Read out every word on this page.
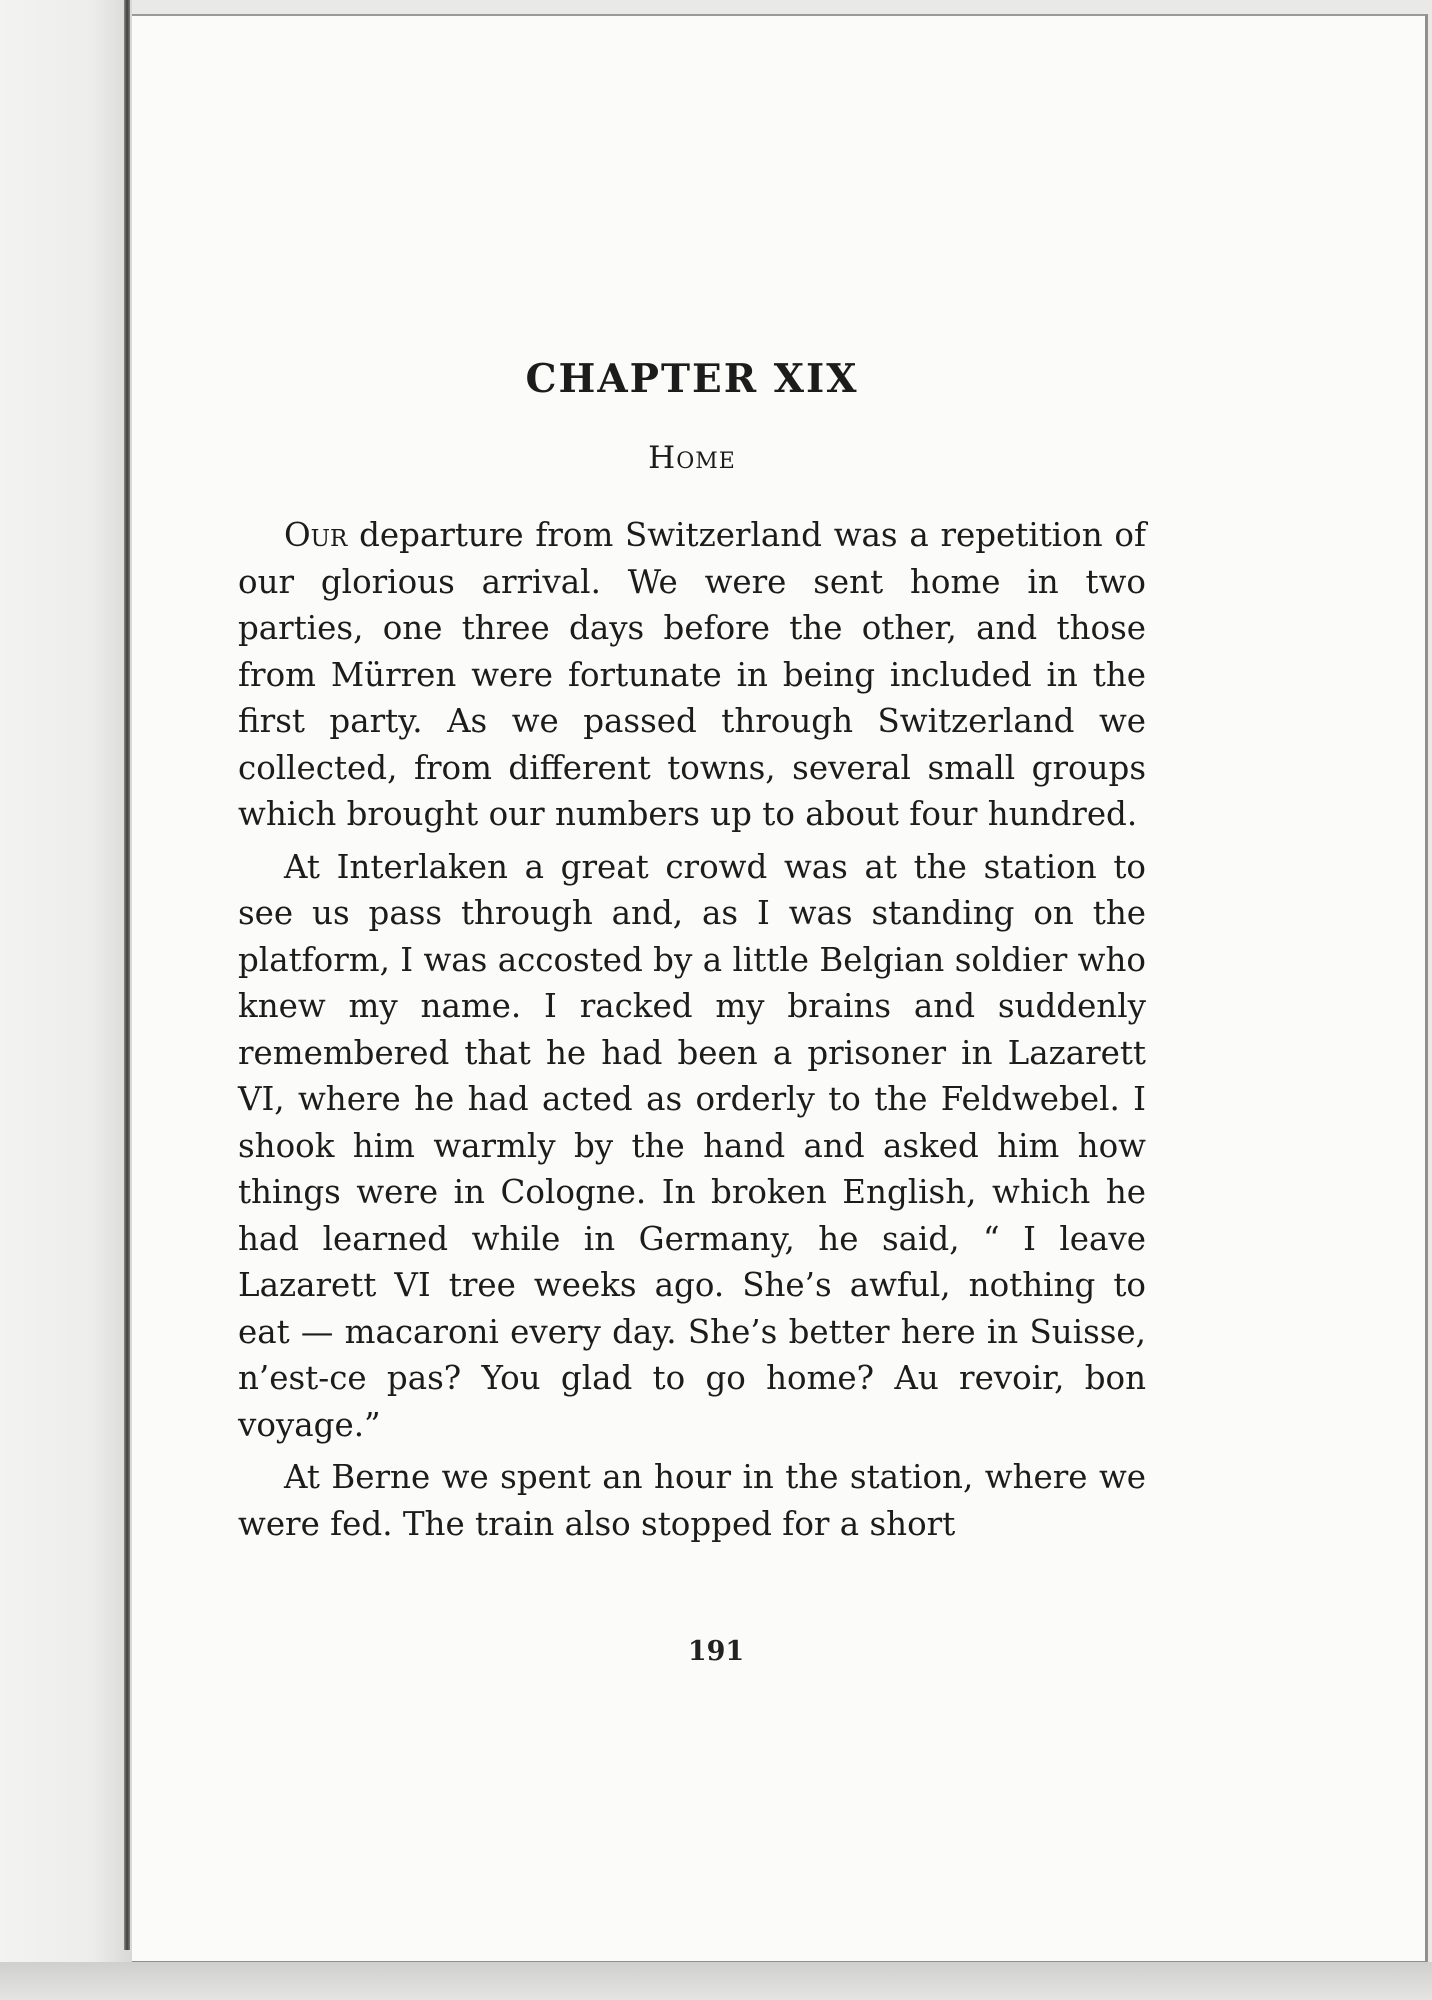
CHAPTER XIX
Home

Our departure from Switzerland was a repetition of our glorious arrival. We were sent home in two parties, one three days before the other, and those from Mürren were fortunate in being included in the first party. As we passed through Switzerland we collected, from different towns, several small groups which brought our numbers up to about four hundred.

At Interlaken a great crowd was at the station to see us pass through and, as I was standing on the platform, I was accosted by a little Belgian soldier who knew my name. I racked my brains and suddenly remembered that he had been a prisoner in Lazarett VI, where he had acted as orderly to the Feldwebel. I shook him warmly by the hand and asked him how things were in Cologne. In broken English, which he had learned while in Germany, he said, “ I leave Lazarett VI tree weeks ago. She’s awful, nothing to eat — macaroni every day. She’s better here in Suisse, n’est-ce pas? You glad to go home? Au revoir, bon voyage.”

At Berne we spent an hour in the station, where we were fed. The train also stopped for a short

191
